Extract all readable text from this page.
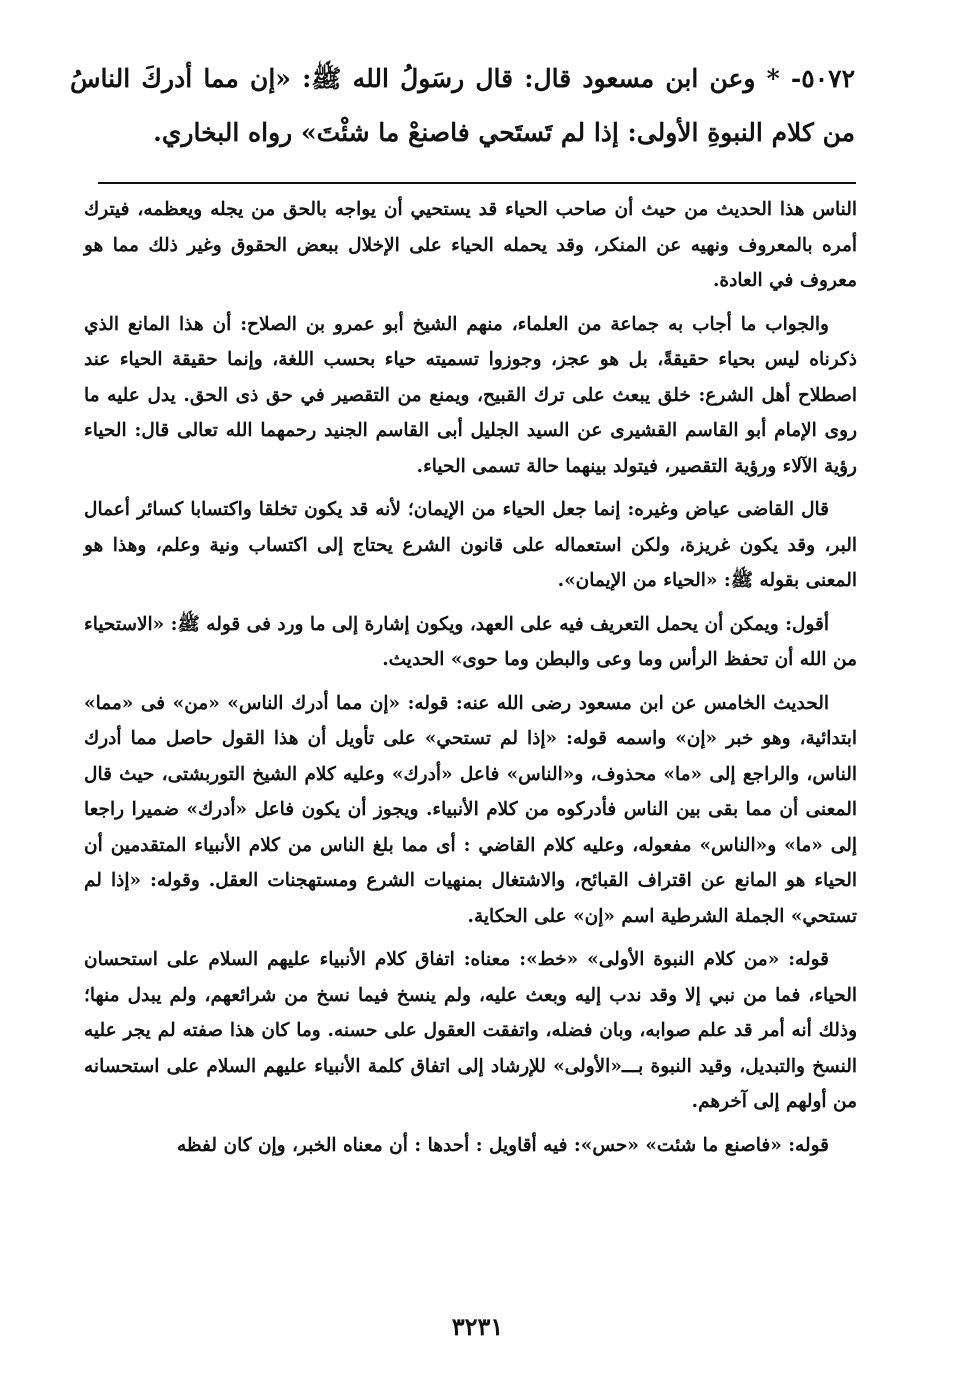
٥٠٧٢- * وعن ابن مسعود قال: قال رسَولُ الله ﷺ: «إن مما أدركَ الناسُ من كلام النبوةِ الأولى: إذا لم تَستَحي فاصنعْ ما شئْتَ» رواه البخاري.

الناس هذا الحديث من حيث أن صاحب الحياء قد يستحيي أن يواجه بالحق من يجله ويعظمه، فيترك أمره بالمعروف ونهيه عن المنكر، وقد يحمله الحياء على الإخلال ببعض الحقوق وغير ذلك مما هو معروف في العادة.

والجواب ما أجاب به جماعة من العلماء، منهم الشيخ أبو عمرو بن الصلاح: أن هذا المانع الذي ذكرناه ليس بحياء حقيقةً، بل هو عجز، وجوزوا تسميته حياء بحسب اللغة، وإنما حقيقة الحياء عند اصطلاح أهل الشرع: خلق يبعث على ترك القبيح، ويمنع من التقصير في حق ذى الحق. يدل عليه ما روى الإمام أبو القاسم القشيرى عن السيد الجليل أبى القاسم الجنيد رحمهما الله تعالى قال: الحياء رؤية الآلاء ورؤية التقصير، فيتولد بينهما حالة تسمى الحياء.

قال القاضى عياض وغيره: إنما جعل الحياء من الإيمان؛ لأنه قد يكون تخلقا واكتسابا كسائر أعمال البر، وقد يكون غريزة، ولكن استعماله على قانون الشرع يحتاج إلى اكتساب ونية وعلم، وهذا هو المعنى بقوله ﷺ: «الحياء من الإيمان».

أقول: ويمكن أن يحمل التعريف فيه على العهد، ويكون إشارة إلى ما ورد فى قوله ﷺ: «الاستحياء من الله أن تحفظ الرأس وما وعى والبطن وما حوى» الحديث.

الحديث الخامس عن ابن مسعود رضى الله عنه: قوله: «إن مما أدرك الناس» «من» فى «مما» ابتدائية، وهو خبر «إن» واسمه قوله: «إذا لم تستحي» على تأويل أن هذا القول حاصل مما أدرك الناس، والراجع إلى «ما» محذوف، و«الناس» فاعل «أدرك» وعليه كلام الشيخ التوربشتى، حيث قال المعنى أن مما بقى بين الناس فأدركوه من كلام الأنبياء. ويجوز أن يكون فاعل «أدرك» ضميرا راجعا إلى «ما» و«الناس» مفعوله، وعليه كلام القاضي : أى مما بلغ الناس من كلام الأنبياء المتقدمين أن الحياء هو المانع عن اقتراف القبائح، والاشتغال بمنهيات الشرع ومستهجنات العقل. وقوله: «إذا لم تستحي» الجملة الشرطية اسم «إن» على الحكاية.

قوله: «من كلام النبوة الأولى» «خط»: معناه: اتفاق كلام الأنبياء عليهم السلام على استحسان الحياء، فما من نبي إلا وقد ندب إليه وبعث عليه، ولم ينسخ فيما نسخ من شرائعهم، ولم يبدل منها؛ وذلك أنه أمر قد علم صوابه، وبان فضله، واتفقت العقول على حسنه. وما كان هذا صفته لم يجر عليه النسخ والتبديل، وقيد النبوة بـــ«الأولى» للإرشاد إلى اتفاق كلمة الأنبياء عليهم السلام على استحسانه من أولهم إلى آخرهم.

قوله: «فاصنع ما شئت» «حس»: فيه أقاويل : أحدها : أن معناه الخبر، وإن كان لفظه

٣٢٣١
